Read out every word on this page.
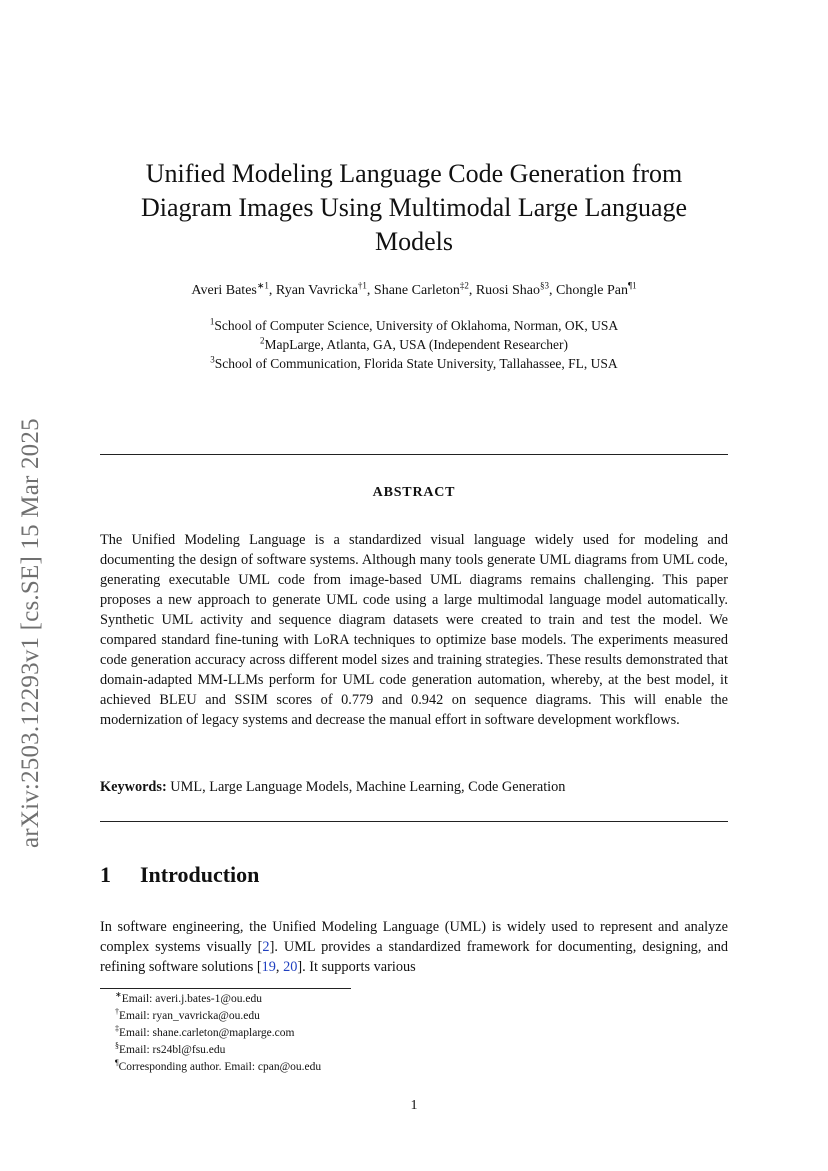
arXiv:2503.12293v1 [cs.SE] 15 Mar 2025
Unified Modeling Language Code Generation from
Diagram Images Using Multimodal Large Language
Models
Averi Bates$^{∗1}$, Ryan Vavricka$^{\dagger 1}$, Shane Carleton$^{\ddagger 2}$, Ruosi Shao$^{\S 3}$, Chongle Pan$^{\P 1}$
$^1$School of Computer Science, University of Oklahoma, Norman, OK, USA
$^2$MapLarge, Atlanta, GA, USA (Independent Researcher)
$^3$School of Communication, Florida State University, Tallahassee, FL, USA
ABSTRACT
The Unified Modeling Language is a standardized visual language widely used for modeling and documenting the design of software systems. Although many tools generate UML diagrams from UML code, generating executable UML code from image-based UML diagrams remains challenging. This paper proposes a new approach to generate UML code using a large multimodal language model automatically. Synthetic UML activity and sequence diagram datasets were created to train and test the model. We compared standard fine-tuning with LoRA techniques to optimize base models. The experiments measured code generation accuracy across different model sizes and training strategies. These results demonstrated that domain-adapted MM-LLMs perform for UML code generation automation, whereby, at the best model, it achieved BLEU and SSIM scores of 0.779 and 0.942 on sequence diagrams. This will enable the modernization of legacy systems and decrease the manual effort in software development workflows.
Keywords: UML, Large Language Models, Machine Learning, Code Generation
1 Introduction
In software engineering, the Unified Modeling Language (UML) is widely used to represent and analyze complex systems visually [2]. UML provides a standardized framework for documenting, designing, and refining software solutions [19, 20]. It supports various
∗Email: averi.j.bates-1@ou.edu
†Email: ryan_vavricka@ou.edu
‡Email: shane.carleton@maplarge.com
§Email: rs24bl@fsu.edu
¶Corresponding author. Email: cpan@ou.edu
1
